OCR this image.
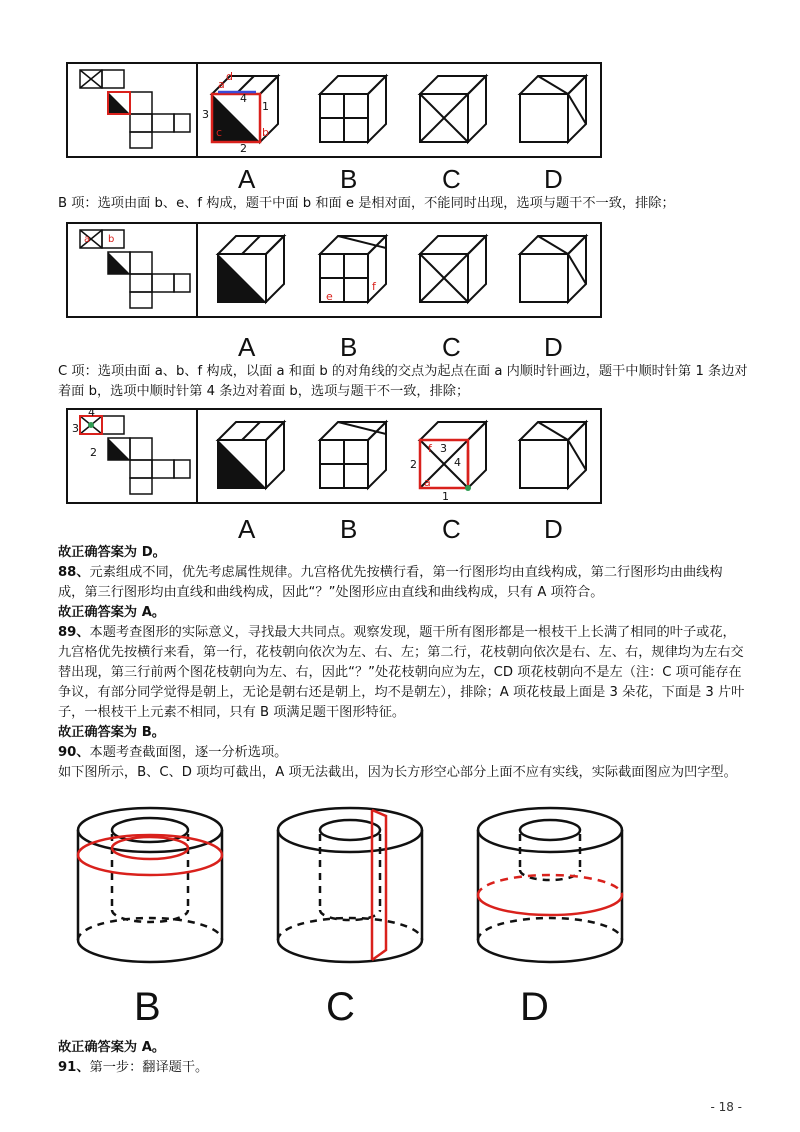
a
d
4
1
3
2
c	b
A	B	C	D
B 项：选项由面 b、e、f 构成，题干中面 b 和面 e 是相对面，不能同时出现，选项与题干不一致，排除；
a b
e
f
A	B	C	D
C 项：选项由面 a、b、f 构成，以面 a 和面 b 的对角线的交点为起点在面 a 内顺时针画边，题干中顺时针第 1 条边对着面 b，选项中顺时针第 4 条边对着面 b，选项与题干不一致，排除；
4
3
2	f 3
2	4
1
a
A	B	C	D
故正确答案为 D。
88、元素组成不同，优先考虑属性规律。九宫格优先按横行看，第一行图形均由直线构成，第二行图形均由曲线构成，第三行图形均由直线和曲线构成，因此“？”处图形应由直线和曲线构成，只有 A 项符合。
故正确答案为 A。
89、本题考查图形的实际意义，寻找最大共同点。观察发现，题干所有图形都是一根枝干上长满了相同的叶子或花，九宫格优先按横行来看，第一行，花枝朝向依次为左、右、左；第二行，花枝朝向依次是右、左、右，规律均为左右交替出现，第三行前两个图花枝朝向为左、右，因此“？”处花枝朝向应为左，CD 项花枝朝向不是左（注：C 项可能存在争议，有部分同学觉得是朝上，无论是朝右还是朝上，均不是朝左），排除；A 项花枝最上面是 3 朵花，下面是 3 片叶子，一根枝干上元素不相同，只有 B 项满足题干图形特征。
故正确答案为 B。
90、本题考查截面图，逐一分析选项。
如下图所示，B、C、D 项均可截出，A 项无法截出，因为长方形空心部分上面不应有实线，实际截面图应为凹字型。
B	C	D
故正确答案为 A。
91、第一步：翻译题干。
- 18 -
